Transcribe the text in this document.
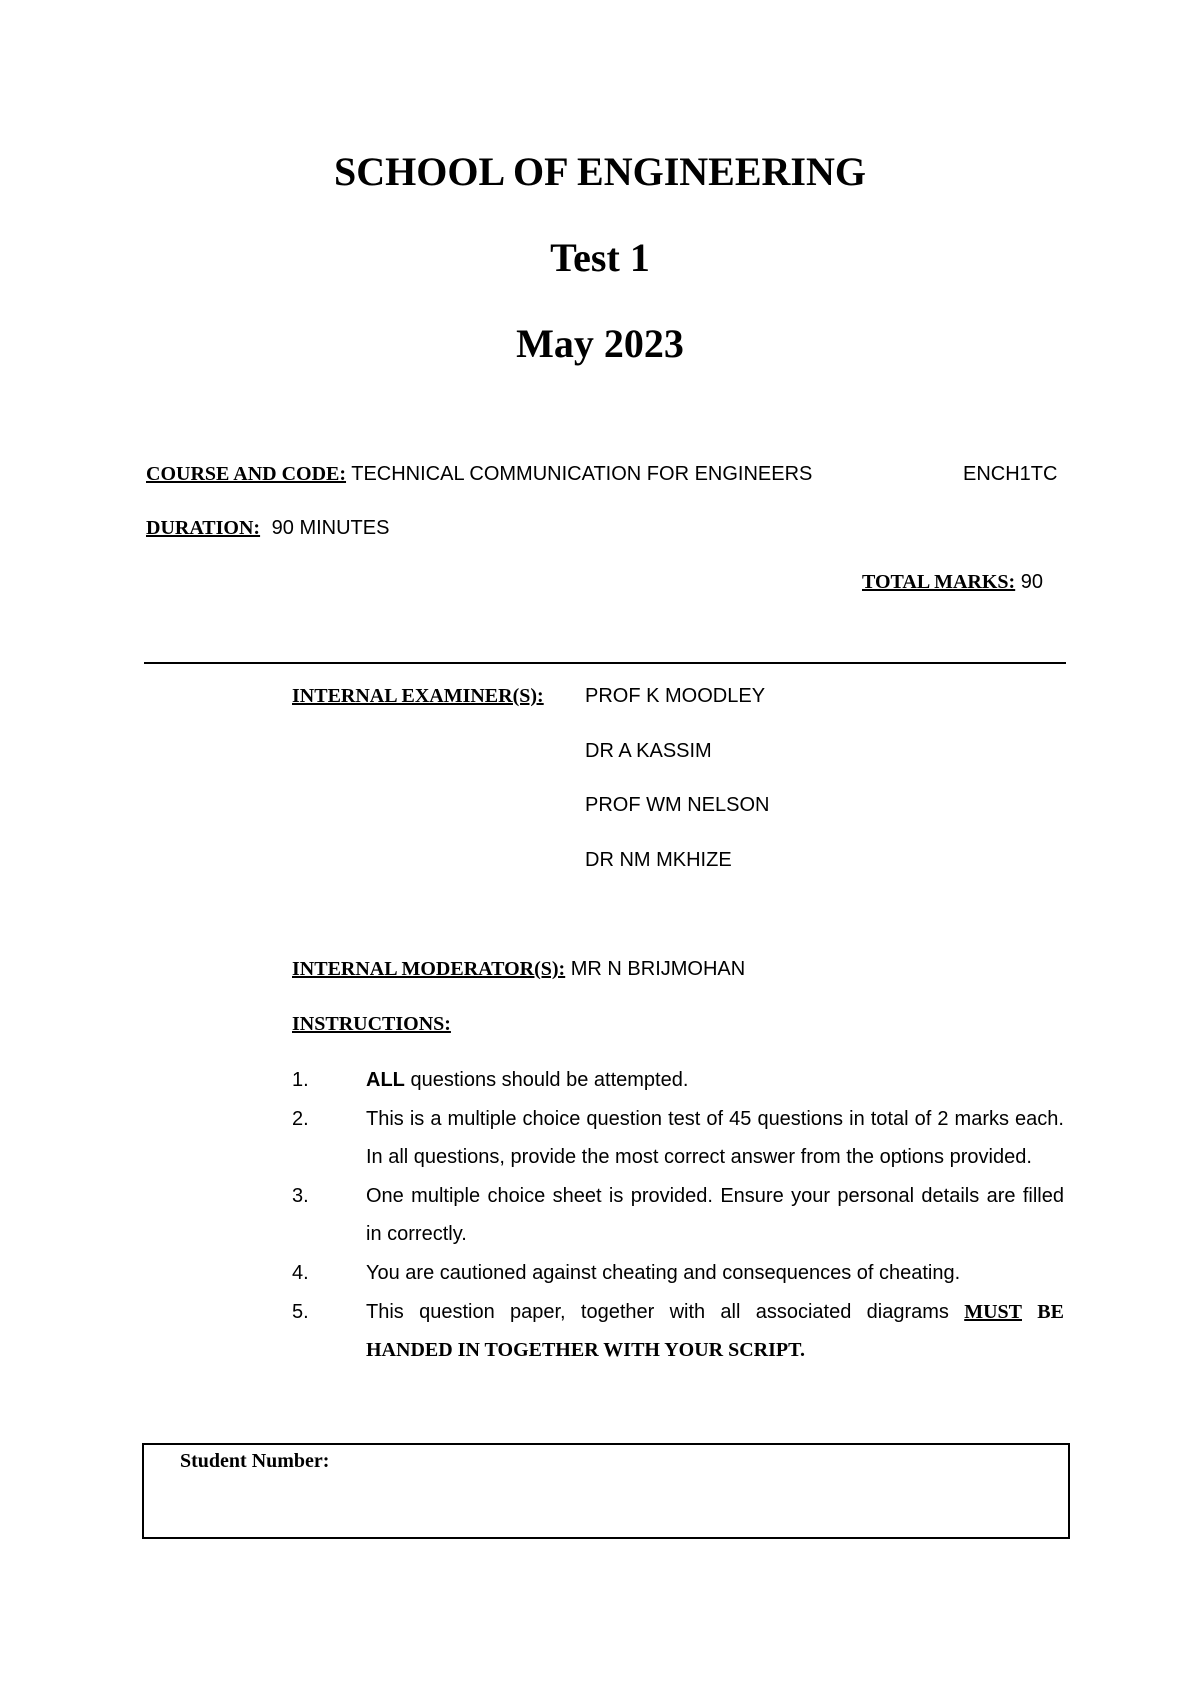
SCHOOL OF ENGINEERING
Test 1
May 2023
COURSE AND CODE: TECHNICAL COMMUNICATION FOR ENGINEERS	ENCH1TC
DURATION: 90 MINUTES
TOTAL MARKS: 90
INTERNAL EXAMINER(S): PROF K MOODLEY
DR A KASSIM
PROF WM NELSON
DR NM MKHIZE
INTERNAL MODERATOR(S): MR N BRIJMOHAN
INSTRUCTIONS:
1.	ALL questions should be attempted.
2.	This is a multiple choice question test of 45 questions in total of 2 marks each.
In all questions, provide the most correct answer from the options provided.
3.	One multiple choice sheet is provided. Ensure your personal details are filled
in correctly.
4.	You are cautioned against cheating and consequences of cheating.
5.	This question paper, together with all associated diagrams MUST BE
HANDED IN TOGETHER WITH YOUR SCRIPT.
Student Number:
